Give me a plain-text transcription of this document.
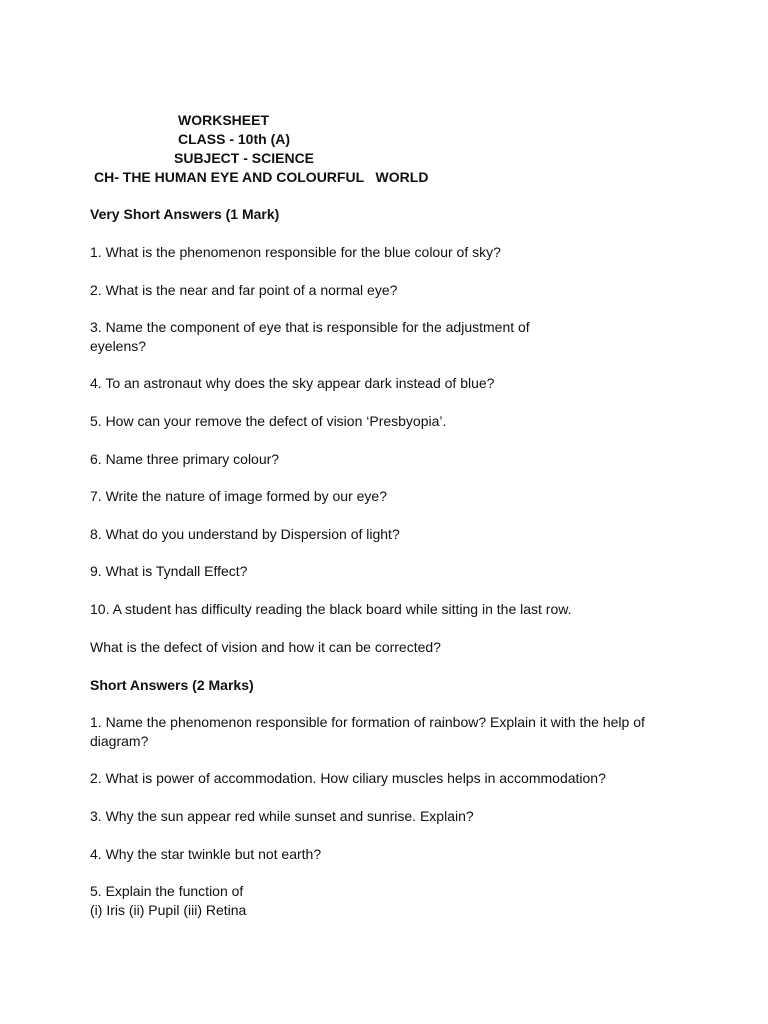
WORKSHEET
CLASS - 10th (A)
SUBJECT - SCIENCE
CH- THE HUMAN EYE AND COLOURFUL   WORLD
Very Short Answers (1 Mark)
1. What is the phenomenon responsible for the blue colour of sky?
2. What is the near and far point of a normal eye?
3. Name the component of eye that is responsible for the adjustment of
eyelens?
4. To an astronaut why does the sky appear dark instead of blue?
5. How can your remove the defect of vision ‘Presbyopia’.
6. Name three primary colour?
7. Write the nature of image formed by our eye?
8. What do you understand by Dispersion of light?
9. What is Tyndall Effect?
10. A student has difficulty reading the black board while sitting in the last row.
What is the defect of vision and how it can be corrected?
Short Answers (2 Marks)
1. Name the phenomenon responsible for formation of rainbow? Explain it with the help of
diagram?
2. What is power of accommodation. How ciliary muscles helps in accommodation?
3. Why the sun appear red while sunset and sunrise. Explain?
4. Why the star twinkle but not earth?
5. Explain the function of
(i) Iris (ii) Pupil (iii) Retina
